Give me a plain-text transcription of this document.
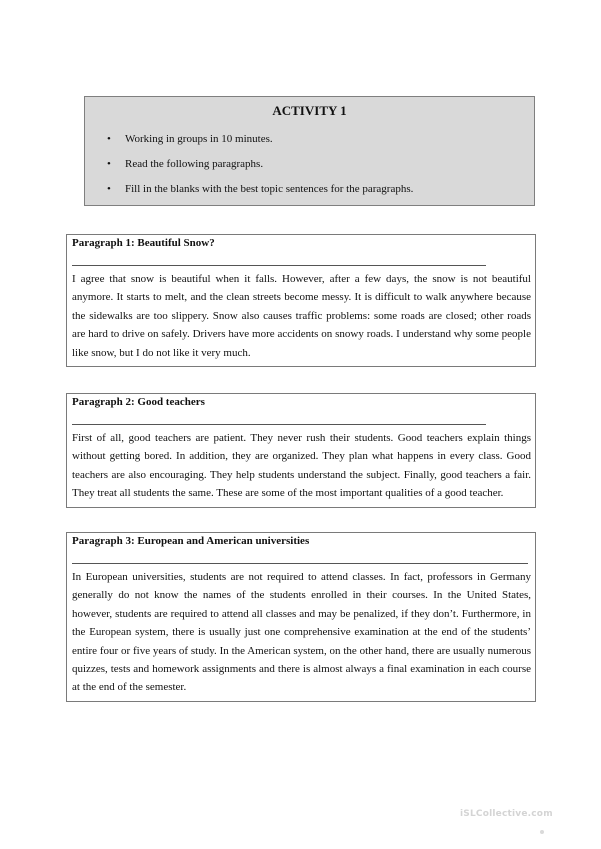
ACTIVITY 1
• Working in groups in 10 minutes.
• Read the following paragraphs.
• Fill in the blanks with the best topic sentences for the paragraphs.

Paragraph 1: Beautiful Snow?

I agree that snow is beautiful when it falls. However, after a few days, the snow is not beautiful anymore. It starts to melt, and the clean streets become messy. It is difficult to walk anywhere because the sidewalks are too slippery. Snow also causes traffic problems: some roads are closed; other roads are hard to drive on safely. Drivers have more accidents on snowy roads. I understand why some people like snow, but I do not like it very much.

Paragraph 2: Good teachers

First of all, good teachers are patient. They never rush their students. Good teachers explain things without getting bored. In addition, they are organized. They plan what happens in every class. Good teachers are also encouraging. They help students understand the subject. Finally, good teachers a fair. They treat all students the same. These are some of the most important qualities of a good teacher.

Paragraph 3: European and American universities

In European universities, students are not required to attend classes. In fact, professors in Germany generally do not know the names of the students enrolled in their courses. In the United States, however, students are required to attend all classes and may be penalized, if they don’t. Furthermore, in the European system, there is usually just one comprehensive examination at the end of the students’ entire four or five years of study. In the American system, on the other hand, there are usually numerous quizzes, tests and homework assignments and there is almost always a final examination in each course at the end of the semester.

iSLCollective.com
